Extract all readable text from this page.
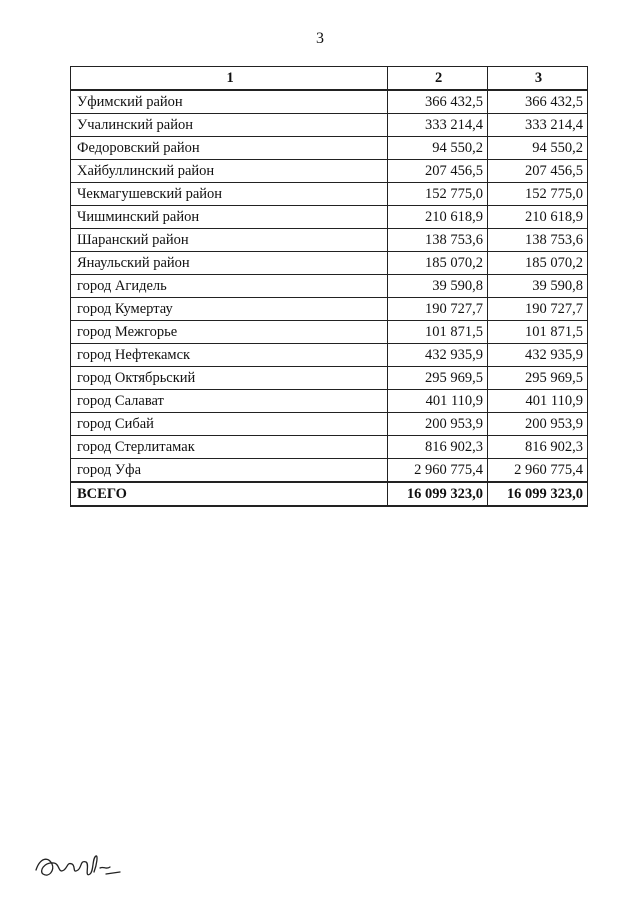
3
1	2	3
Уфимский район	366 432,5	366 432,5
Учалинский район	333 214,4	333 214,4
Федоровский район	94 550,2	94 550,2
Хайбуллинский район	207 456,5	207 456,5
Чекмагушевский район	152 775,0	152 775,0
Чишминский район	210 618,9	210 618,9
Шаранский район	138 753,6	138 753,6
Янаульский район	185 070,2	185 070,2
город Агидель	39 590,8	39 590,8
город Кумертау	190 727,7	190 727,7
город Межгорье	101 871,5	101 871,5
город Нефтекамск	432 935,9	432 935,9
город Октябрьский	295 969,5	295 969,5
город Салават	401 110,9	401 110,9
город Сибай	200 953,9	200 953,9
город Стерлитамак	816 902,3	816 902,3
город Уфа	2 960 775,4	2 960 775,4
ВСЕГО	16 099 323,0	16 099 323,0
